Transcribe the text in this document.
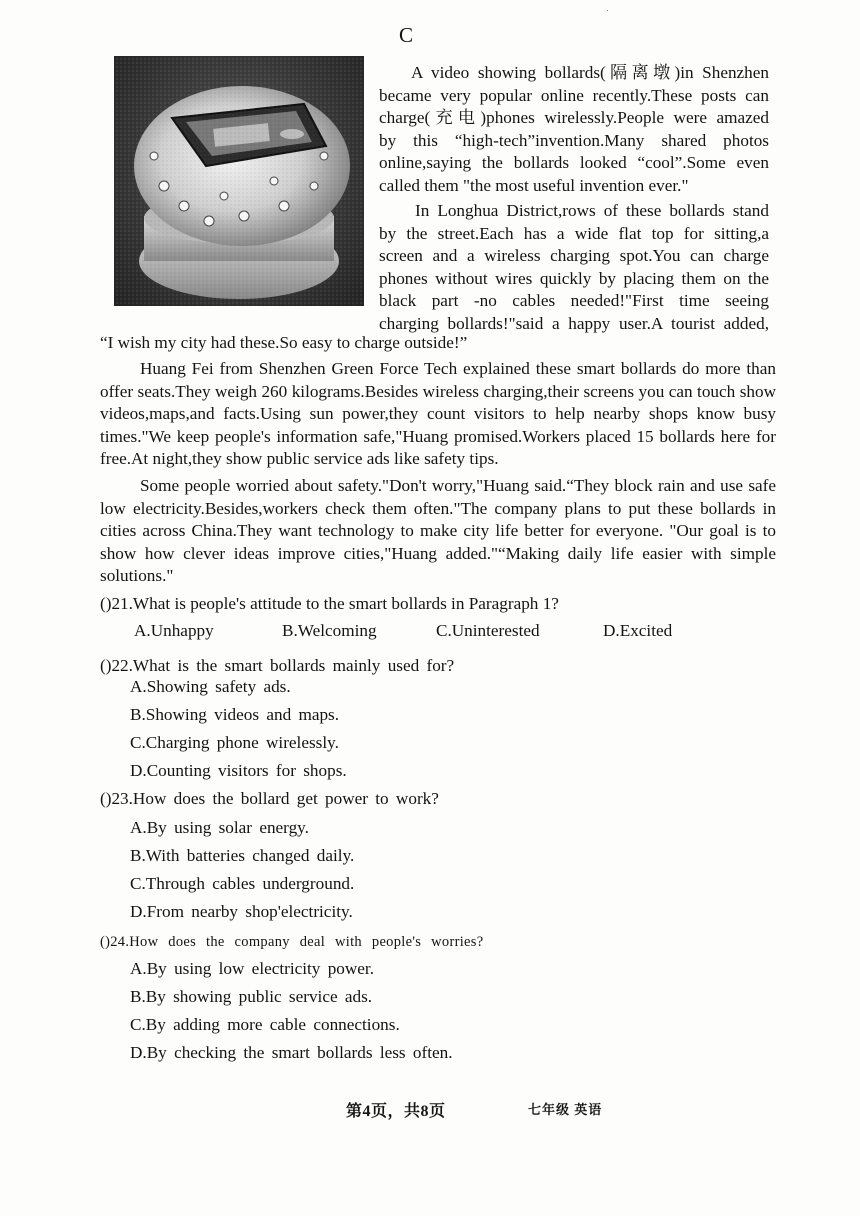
C
A video showing bollards(隔离墩)in Shenzhen
became very popular online recently.These posts can
charge(充电)phones wirelessly.People were amazed
by this “high-tech”invention.Many shared photos
online,saying the bollards looked “cool”.Some even
called them "the most useful invention ever."
In Longhua District,rows of these bollards stand
by the street.Each has a wide flat top for sitting,a
screen and a wireless charging spot.You can charge
phones without wires quickly by placing them on the
black part -no cables needed!"First time seeing
charging bollards!"said a happy user.A tourist added,
“I wish my city had these.So easy to charge outside!”

Huang Fei from Shenzhen Green Force Tech explained these smart bollards do more than offer seats.They weigh 260 kilograms.Besides wireless charging,their screens you can touch show videos,maps,and facts.Using sun power,they count visitors to help nearby shops know busy times."We keep people's information safe,"Huang promised.Workers placed 15 bollards here for free.At night,they show public service ads like safety tips.

Some people worried about safety."Don't worry,"Huang said.“They block rain and use safe low electricity.Besides,workers check them often."The company plans to put these bollards in cities across China.They want technology to make city life better for everyone. "Our goal is to show how clever ideas improve cities,"Huang added."“Making daily life easier with simple solutions."

()21.What is people's attitude to the smart bollards in Paragraph 1?
A.Unhappy	B.Welcoming	C.Uninterested	D.Excited
()22.What is the smart bollards mainly used for?
A.Showing safety ads.
B.Showing videos and maps.
C.Charging phone wirelessly.
D.Counting visitors for shops.
()23.How does the bollard get power to work?
A.By using solar energy.
B.With batteries changed daily.
C.Through cables underground.
D.From nearby shop'electricity.
()24.How does the company deal with people's worries?
A.By using low electricity power.
B.By showing public service ads.
C.By adding more cable connections.
D.By checking the smart bollards less often.
第4页，共8页	七年级 英语
